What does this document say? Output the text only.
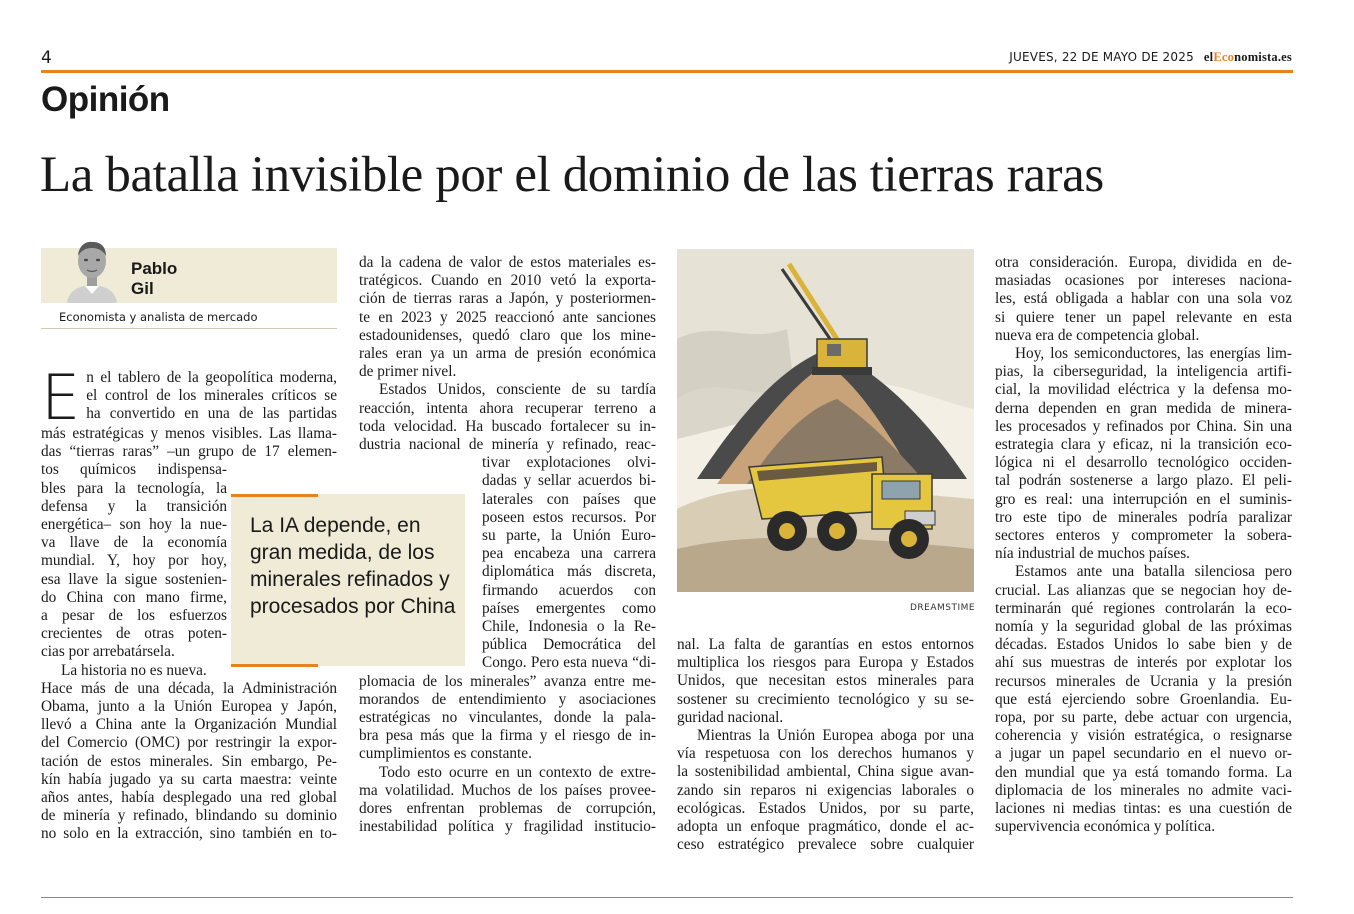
4	JUEVES, 22 DE MAYO DE 2025 elEconomista.es
Opinión
La batalla invisible por el dominio de las tierras raras
Pablo
Gil
Economista y analista de mercado
E n el tablero de la geopolítica moderna,
el control de los minerales críticos se
ha convertido en una de las partidas
más estratégicas y menos visibles. Las llama-
das “tierras raras” –un grupo de 17 elemen-
tos químicos indispensa-
bles para la tecnología, la
defensa y la transición
energética– son hoy la nue-
va llave de la economía
mundial. Y, hoy por hoy,
esa llave la sigue sostenien-
do China con mano firme,
a pesar de los esfuerzos
crecientes de otras poten-
cias por arrebatársela.
La historia no es nueva.
Hace más de una década, la Administración
Obama, junto a la Unión Europea y Japón,
llevó a China ante la Organización Mundial
del Comercio (OMC) por restringir la expor-
tación de estos minerales. Sin embargo, Pe-
kín había jugado ya su carta maestra: veinte
años antes, había desplegado una red global
de minería y refinado, blindando su dominio
no solo en la extracción, sino también en to-
La IA depende, en gran medida, de los minerales refinados y procesados por China
da la cadena de valor de estos materiales es-
tratégicos. Cuando en 2010 vetó la exporta-
ción de tierras raras a Japón, y posteriormen-
te en 2023 y 2025 reaccionó ante sanciones
estadounidenses, quedó claro que los mine-
rales eran ya un arma de presión económica
de primer nivel.
Estados Unidos, consciente de su tardía
reacción, intenta ahora recuperar terreno a
toda velocidad. Ha buscado fortalecer su in-
dustria nacional de minería y refinado, reac-
tivar explotaciones olvi-
dadas y sellar acuerdos bi-
laterales con países que
poseen estos recursos. Por
su parte, la Unión Euro-
pea encabeza una carrera
diplomática más discreta,
firmando acuerdos con
países emergentes como
Chile, Indonesia o la Re-
pública Democrática del
Congo. Pero esta nueva “di-
plomacia de los minerales” avanza entre me-
morandos de entendimiento y asociaciones
estratégicas no vinculantes, donde la pala-
bra pesa más que la firma y el riesgo de in-
cumplimientos es constante.
Todo esto ocurre en un contexto de extre-
ma volatilidad. Muchos de los países provee-
dores enfrentan problemas de corrupción,
inestabilidad política y fragilidad institucio-
DREAMSTIME
nal. La falta de garantías en estos entornos
multiplica los riesgos para Europa y Estados
Unidos, que necesitan estos minerales para
sostener su crecimiento tecnológico y su se-
guridad nacional.
Mientras la Unión Europea aboga por una
vía respetuosa con los derechos humanos y
la sostenibilidad ambiental, China sigue avan-
zando sin reparos ni exigencias laborales o
ecológicas. Estados Unidos, por su parte,
adopta un enfoque pragmático, donde el ac-
ceso estratégico prevalece sobre cualquier
otra consideración. Europa, dividida en de-
masiadas ocasiones por intereses naciona-
les, está obligada a hablar con una sola voz
si quiere tener un papel relevante en esta
nueva era de competencia global.
Hoy, los semiconductores, las energías lim-
pias, la ciberseguridad, la inteligencia artifi-
cial, la movilidad eléctrica y la defensa mo-
derna dependen en gran medida de minera-
les procesados y refinados por China. Sin una
estrategia clara y eficaz, ni la transición eco-
lógica ni el desarrollo tecnológico occiden-
tal podrán sostenerse a largo plazo. El peli-
gro es real: una interrupción en el suminis-
tro este tipo de minerales podría paralizar
sectores enteros y comprometer la sobera-
nía industrial de muchos países.
Estamos ante una batalla silenciosa pero
crucial. Las alianzas que se negocian hoy de-
terminarán qué regiones controlarán la eco-
nomía y la seguridad global de las próximas
décadas. Estados Unidos lo sabe bien y de
ahí sus muestras de interés por explotar los
recursos minerales de Ucrania y la presión
que está ejerciendo sobre Groenlandia. Eu-
ropa, por su parte, debe actuar con urgencia,
coherencia y visión estratégica, o resignarse
a jugar un papel secundario en el nuevo or-
den mundial que ya está tomando forma. La
diplomacia de los minerales no admite vaci-
laciones ni medias tintas: es una cuestión de
supervivencia económica y política.
